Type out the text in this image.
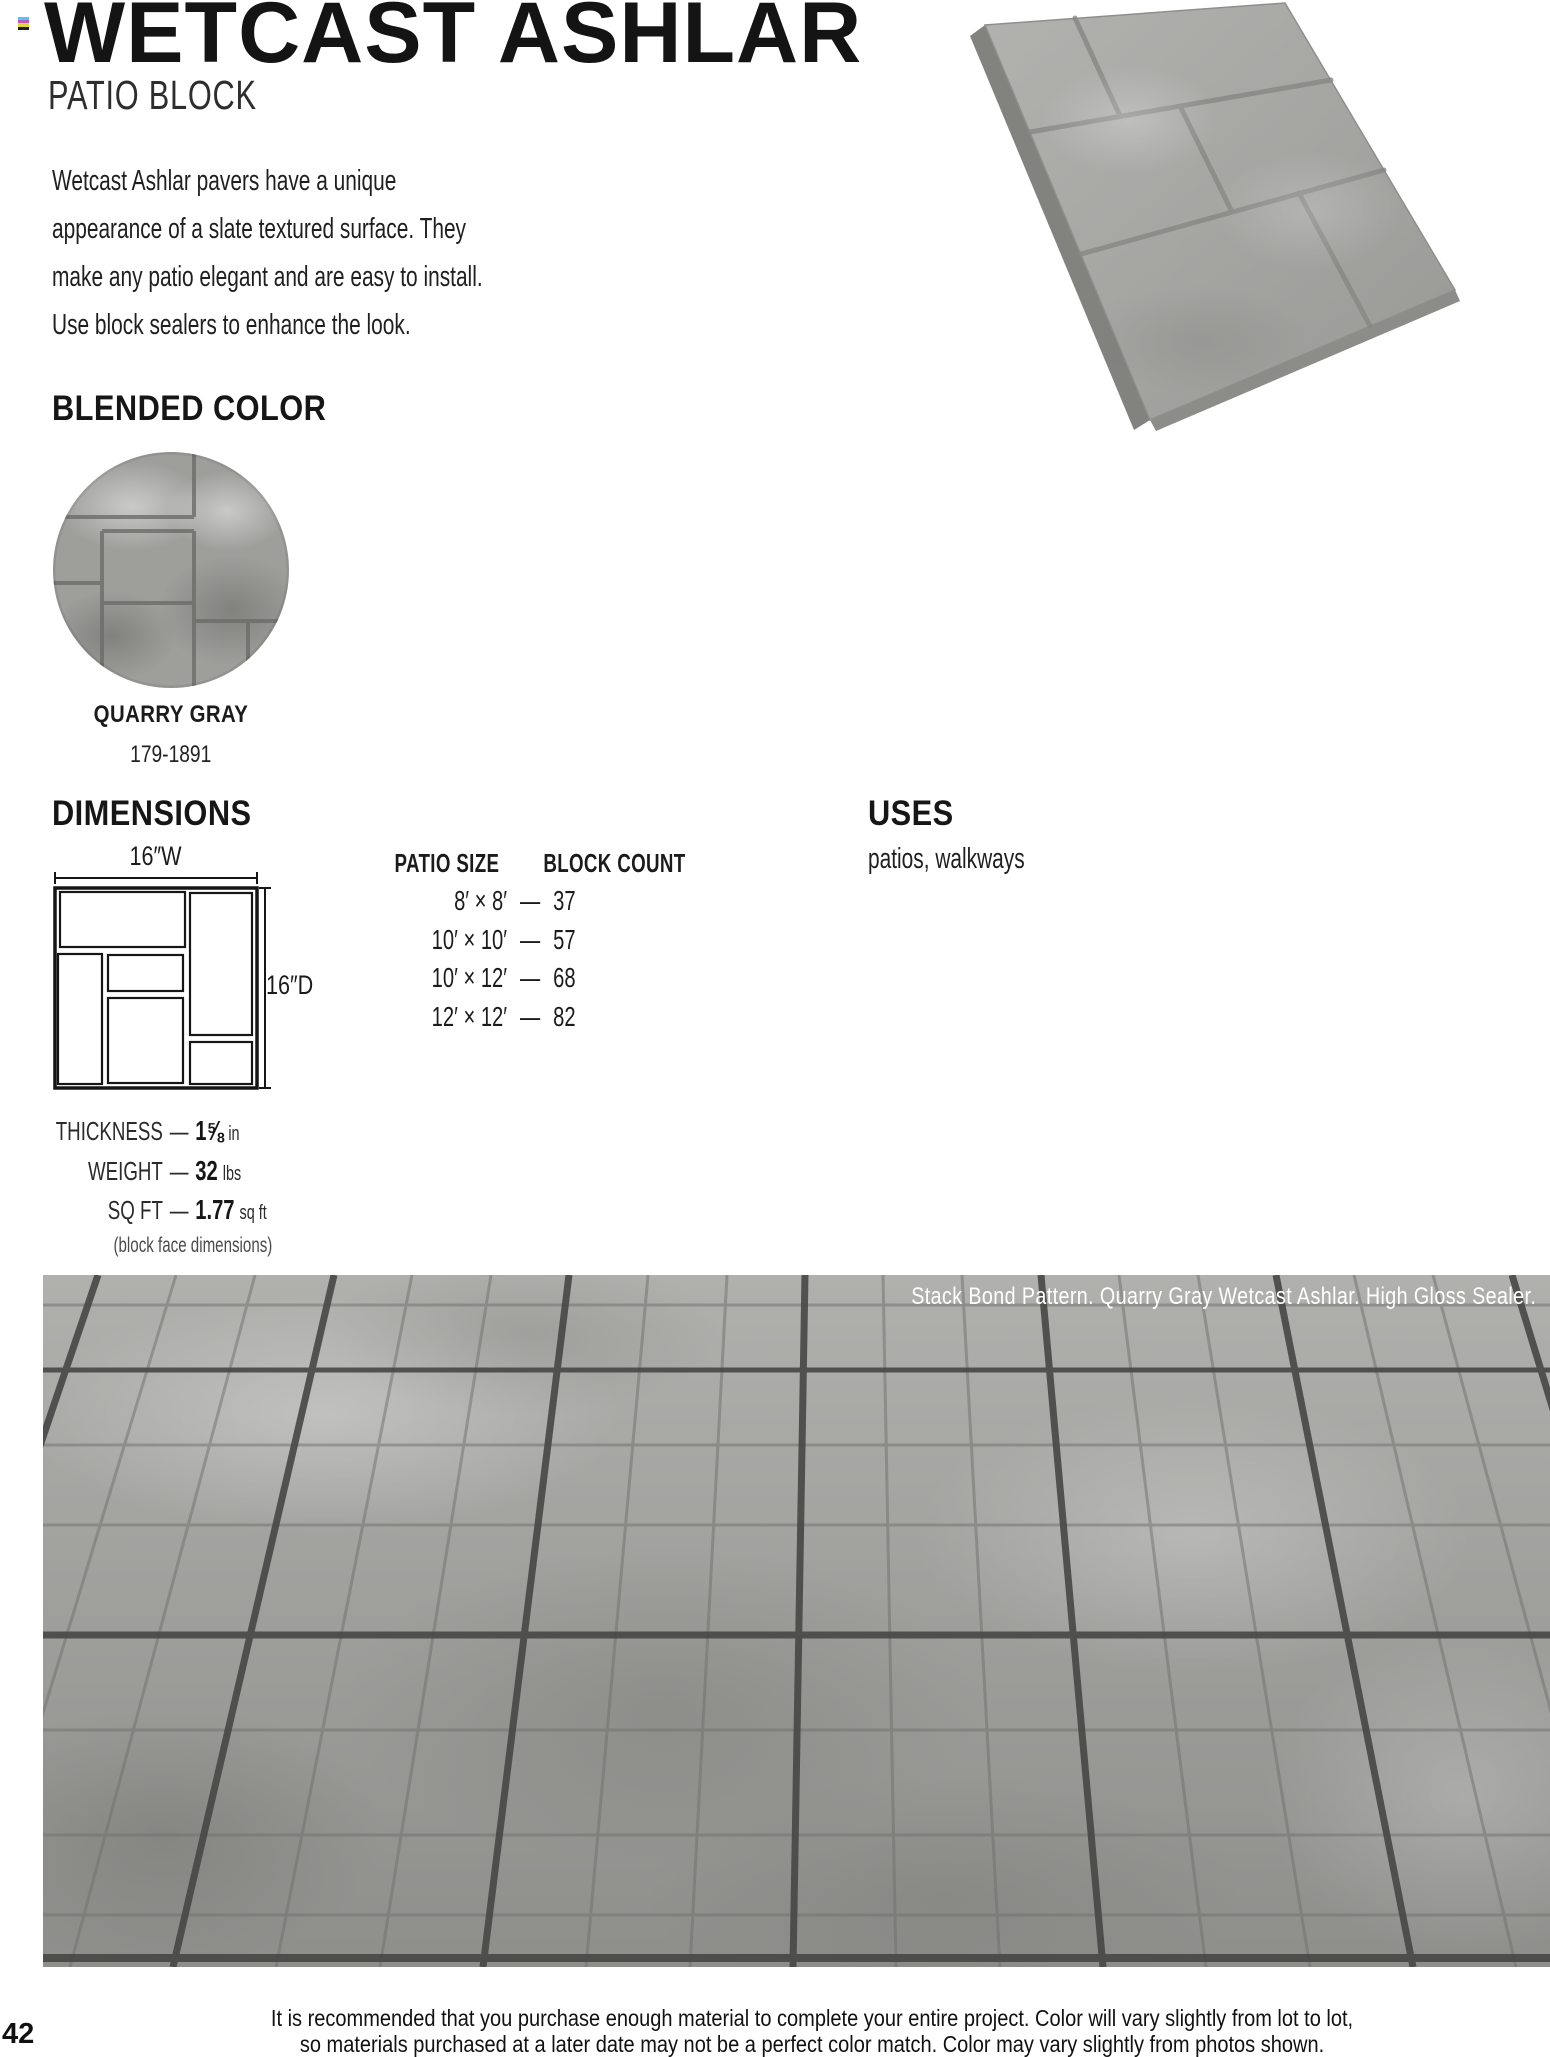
WETCAST ASHLAR
PATIO BLOCK
Wetcast Ashlar pavers have a unique
appearance of a slate textured surface. They
make any patio elegant and are easy to install.
Use block sealers to enhance the look.
BLENDED COLOR
QUARRY GRAY
179-1891
DIMENSIONS
16″W
16″D
PATIO SIZE BLOCK COUNT
8′ × 8′ — 37
10′ × 10′ — 57
10′ × 12′ — 68
12′ × 12′ — 82
USES
patios, walkways
THICKNESS — 1⅝ in
WEIGHT — 32 lbs
SQ FT — 1.77 sq ft
(block face dimensions)
Stack Bond Pattern. Quarry Gray Wetcast Ashlar. High Gloss Sealer.
It is recommended that you purchase enough material to complete your entire project. Color will vary slightly from lot to lot,
so materials purchased at a later date may not be a perfect color match. Color may vary slightly from photos shown.
42
